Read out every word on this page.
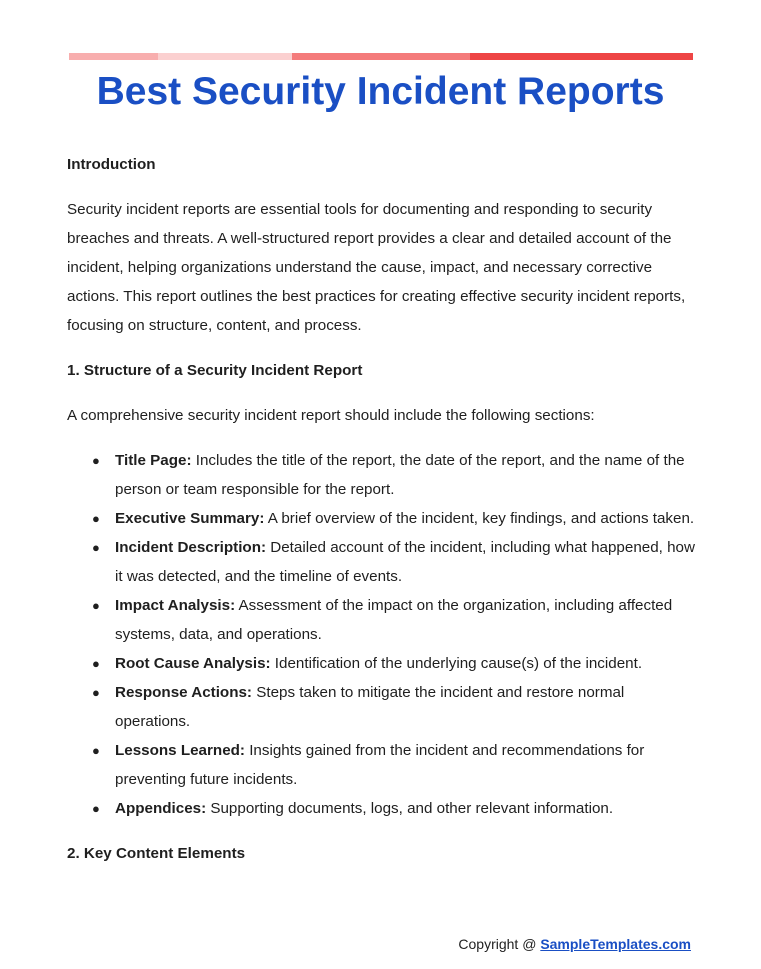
Best Security Incident Reports
Introduction

Security incident reports are essential tools for documenting and responding to security breaches and threats. A well-structured report provides a clear and detailed account of the incident, helping organizations understand the cause, impact, and necessary corrective actions. This report outlines the best practices for creating effective security incident reports, focusing on structure, content, and process.

1. Structure of a Security Incident Report

A comprehensive security incident report should include the following sections:

● Title Page: Includes the title of the report, the date of the report, and the name of the person or team responsible for the report.
● Executive Summary: A brief overview of the incident, key findings, and actions taken.
● Incident Description: Detailed account of the incident, including what happened, how it was detected, and the timeline of events.
● Impact Analysis: Assessment of the impact on the organization, including affected systems, data, and operations.
● Root Cause Analysis: Identification of the underlying cause(s) of the incident.
● Response Actions: Steps taken to mitigate the incident and restore normal operations.
● Lessons Learned: Insights gained from the incident and recommendations for preventing future incidents.
● Appendices: Supporting documents, logs, and other relevant information.
2. Key Content Elements
Copyright @ SampleTemplates.com
